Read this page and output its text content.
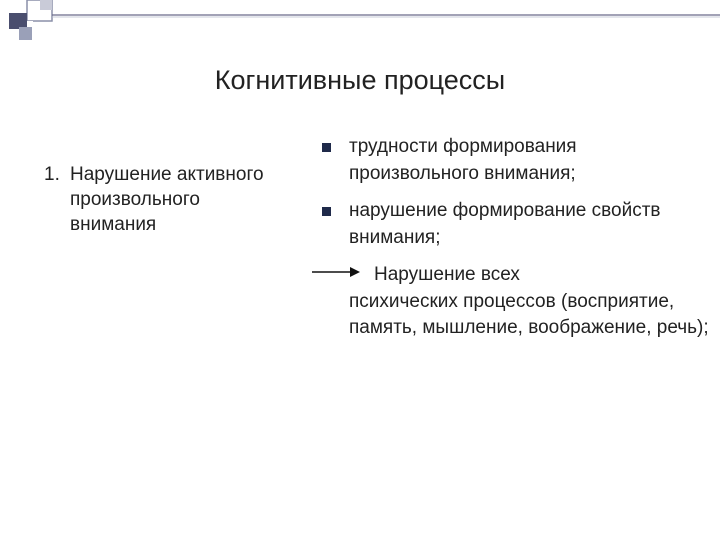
Когнитивные процессы
1. Нарушение активного произвольного внимания
трудности формирования произвольного внимания;
нарушение формирование свойств внимания;
Нарушение всех
психических процессов (восприятие, память, мышление, воображение, речь);
